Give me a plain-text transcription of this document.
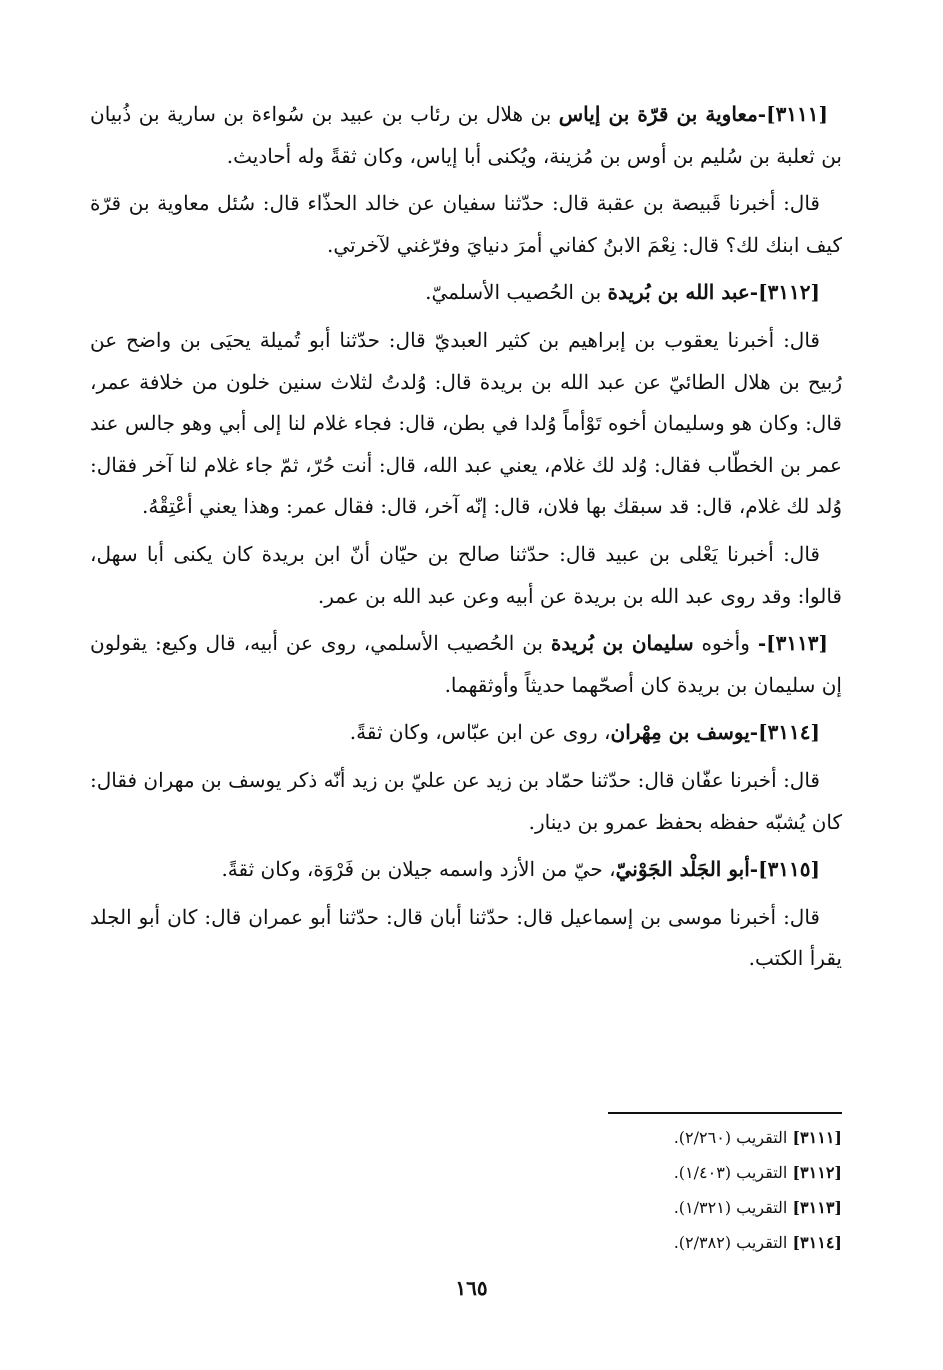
[٣١١١]-معاوية بن قرّة بن إياس بن هلال بن رئاب بن عبيد بن سُواءة بن سارية بن ذُبيان بن ثعلبة بن سُليم بن أوس بن مُزينة، ويُكنى أبا إياس، وكان ثقةً وله أحاديث.

قال: أخبرنا قَبيصة بن عقبة قال: حدّثنا سفيان عن خالد الحذّاء قال: سُئل معاوية بن قرّة كيف ابنك لك؟ قال: نِعْمَ الابنُ كفاني أمرَ دنيايَ وفرّغني لآخرتي.

[٣١١٢]-عبد الله بن بُريدة بن الحُصيب الأسلميّ.

قال: أخبرنا يعقوب بن إبراهيم بن كثير العبديّ قال: حدّثنا أبو تُميلة يحيَى بن واضح عن رُبيح بن هلال الطائيّ عن عبد الله بن بريدة قال: وُلدتُ لثلاث سنين خلون من خلافة عمر، قال: وكان هو وسليمان أخوه تَوْأماً وُلدا في بطن، قال: فجاء غلام لنا إلى أبي وهو جالس عند عمر بن الخطّاب فقال: وُلد لك غلام، يعني عبد الله، قال: أنت حُرّ، ثمّ جاء غلام لنا آخر فقال: وُلد لك غلام، قال: قد سبقك بها فلان، قال: إنّه آخر، قال: فقال عمر: وهذا يعني أعْتِقْهُ.

قال: أخبرنا يَعْلى بن عبيد قال: حدّثنا صالح بن حيّان أنّ ابن بريدة كان يكنى أبا سهل، قالوا: وقد روى عبد الله بن بريدة عن أبيه وعن عبد الله بن عمر.

[٣١١٣]- وأخوه سليمان بن بُريدة بن الحُصيب الأسلمي، روى عن أبيه، قال وكيع: يقولون إن سليمان بن بريدة كان أصحّهما حديثاً وأوثقهما.

[٣١١٤]-يوسف بن مِهْران، روى عن ابن عبّاس، وكان ثقةً.

قال: أخبرنا عفّان قال: حدّثنا حمّاد بن زيد عن عليّ بن زيد أنّه ذكر يوسف بن مهران فقال: كان يُشبّه حفظه بحفظ عمرو بن دينار.

[٣١١٥]-أبو الجَلْد الجَوْنيّ، حيّ من الأزد واسمه جيلان بن فَرْوَة، وكان ثقةً.

قال: أخبرنا موسى بن إسماعيل قال: حدّثنا أبان قال: حدّثنا أبو عمران قال: كان أبو الجلد يقرأ الكتب.

[٣١١١] التقريب (٢/٢٦٠).

[٣١١٢] التقريب (١/٤٠٣).

[٣١١٣] التقريب (١/٣٢١).

[٣١١٤] التقريب (٢/٣٨٢).

١٦٥
